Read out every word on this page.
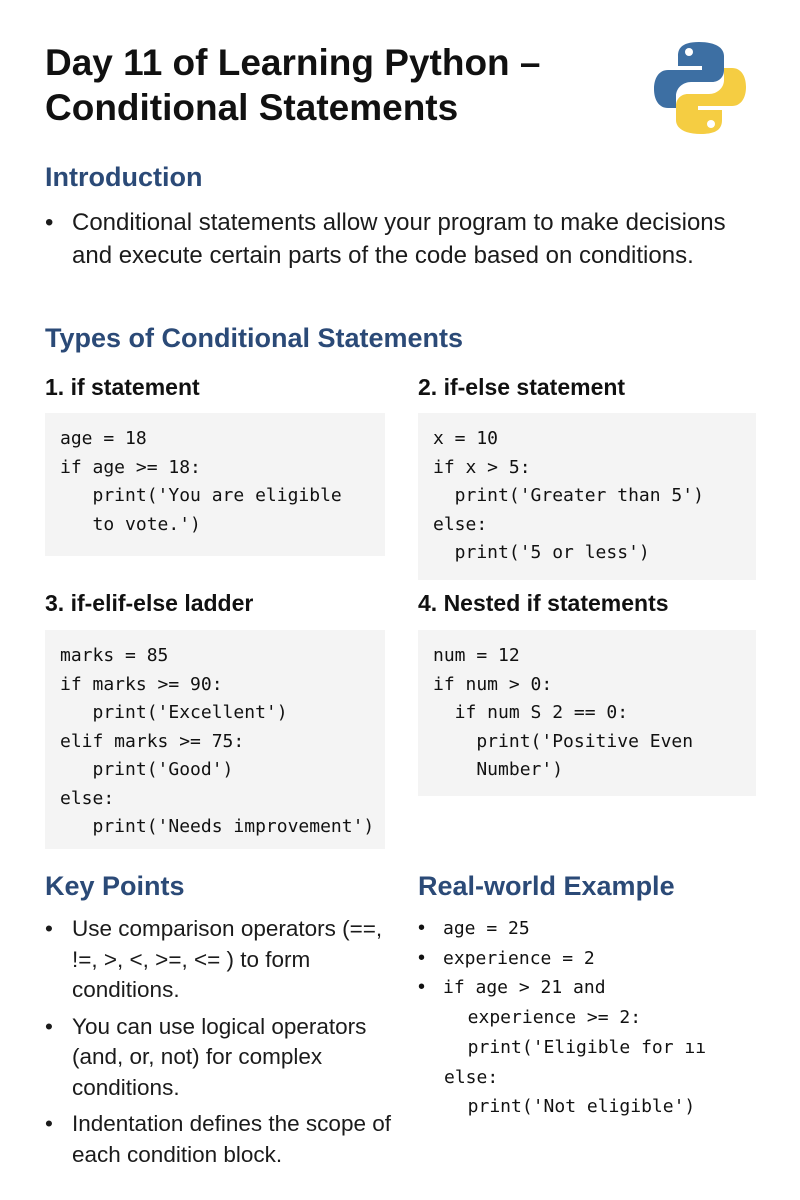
Day 11 of Learning Python –
Conditional Statements
Introduction
• Conditional statements allow your program to make decisions and execute certain parts of the code based on conditions.
Types of Conditional Statements
1. if statement
age = 18
if age >= 18:
print('You are eligible
to vote.')
2. if-else statement
x = 10
if x > 5:
print('Greater than 5')
else:
print('5 or less')
3. if-elif-else ladder
marks = 85
if marks >= 90:
print('Excellent')
elif marks >= 75:
print('Good')
else:
print('Needs improvement')
4. Nested if statements
num = 12
if num > 0:
if num S 2 == 0:
print('Positive Even
Number')
Key Points
• Use comparison operators (==, !=, >, <, >=, <= ) to form conditions.
• You can use logical operators (and, or, not) for complex conditions.
• Indentation defines the scope of each condition block.
Real-world Example
• age = 25
• experience = 2
• if age > 21 and
experience >= 2:
print('Eligible for ıı
else:
print('Not eligible')
